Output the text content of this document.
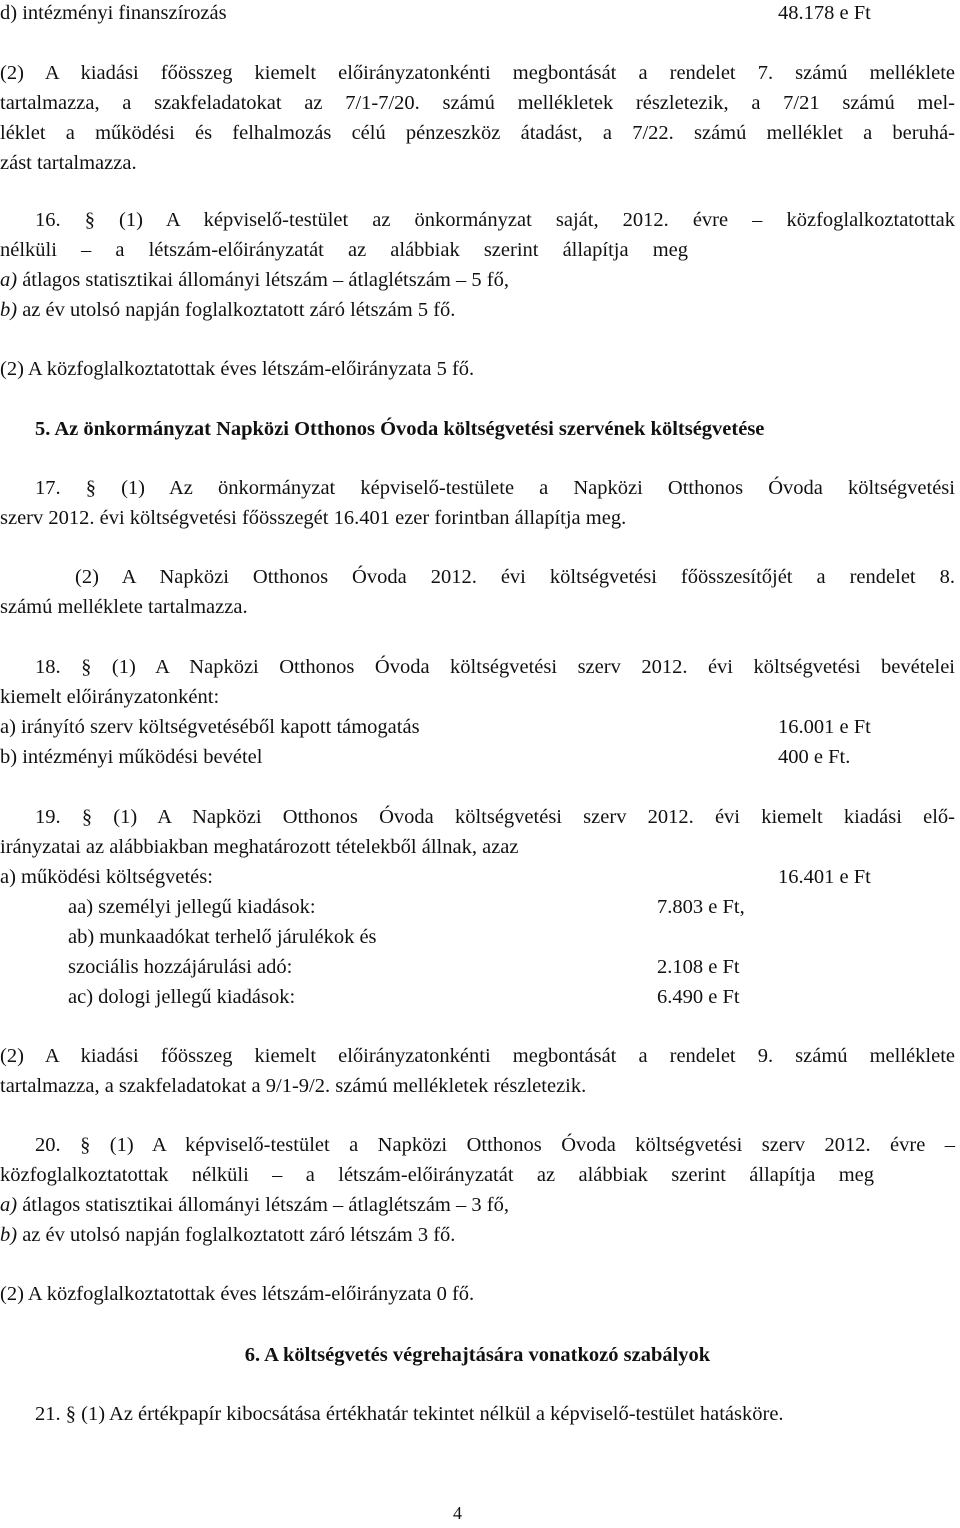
d) intézményi finanszírozás	48.178 e Ft
(2) A kiadási főösszeg kiemelt előirányzatonkénti megbontását a rendelet 7. számú melléklete
tartalmazza, a szakfeladatokat az 7/1-7/20. számú mellékletek részletezik, a 7/21 számú mel-
léklet a működési és felhalmozás célú pénzeszköz átadást, a 7/22. számú melléklet a beruhá-
zást tartalmazza.
16. § (1) A képviselő-testület az önkormányzat saját, 2012. évre – közfoglalkoztatottak
nélküli – a létszám-előirányzatát az alábbiak szerint állapítja meg
a) átlagos statisztikai állományi létszám – átlaglétszám – 5 fő,
b) az év utolsó napján foglalkoztatott záró létszám 5 fő.
(2) A közfoglalkoztatottak éves létszám-előirányzata 5 fő.
5. Az önkormányzat Napközi Otthonos Óvoda költségvetési szervének költségvetése
17. § (1) Az önkormányzat képviselő-testülete a Napközi Otthonos Óvoda költségvetési
szerv 2012. évi költségvetési főösszegét 16.401 ezer forintban állapítja meg.
(2) A Napközi Otthonos Óvoda 2012. évi költségvetési főösszesítőjét a rendelet 8.
számú melléklete tartalmazza.
18. § (1) A Napközi Otthonos Óvoda költségvetési szerv 2012. évi költségvetési bevételei
kiemelt előirányzatonként:
a) irányító szerv költségvetéséből kapott támogatás	16.001 e Ft
b) intézményi működési bevétel	400 e Ft.
19. § (1) A Napközi Otthonos Óvoda költségvetési szerv 2012. évi kiemelt kiadási elő-
irányzatai az alábbiakban meghatározott tételekből állnak, azaz
a) működési költségvetés:	16.401 e Ft
aa) személyi jellegű kiadások:	7.803 e Ft,
ab) munkaadókat terhelő járulékok és
szociális hozzájárulási adó:	2.108 e Ft
ac) dologi jellegű kiadások:	6.490 e Ft
(2) A kiadási főösszeg kiemelt előirányzatonkénti megbontását a rendelet 9. számú melléklete
tartalmazza, a szakfeladatokat a 9/1-9/2. számú mellékletek részletezik.
20. § (1) A képviselő-testület a Napközi Otthonos Óvoda költségvetési szerv 2012. évre –
közfoglalkoztatottak nélküli – a létszám-előirányzatát az alábbiak szerint állapítja meg
a) átlagos statisztikai állományi létszám – átlaglétszám – 3 fő,
b) az év utolsó napján foglalkoztatott záró létszám 3 fő.
(2) A közfoglalkoztatottak éves létszám-előirányzata 0 fő.
6. A költségvetés végrehajtására vonatkozó szabályok
21. § (1) Az értékpapír kibocsátása értékhatár tekintet nélkül a képviselő-testület hatásköre.
4
